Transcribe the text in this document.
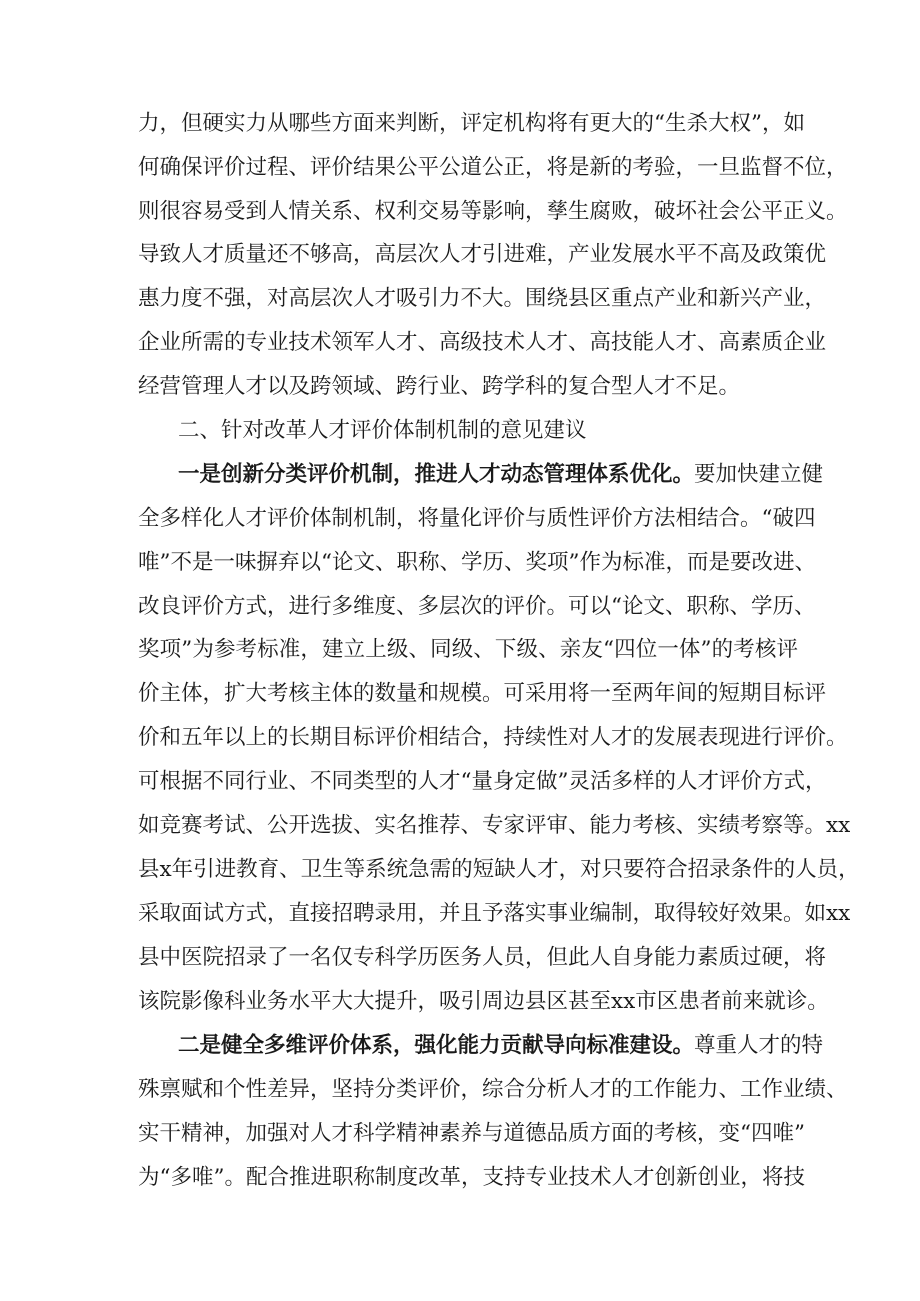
力，但硬实力从哪些方面来判断，评定机构将有更大的“生杀大权”，如
何确保评价过程、评价结果公平公道公正，将是新的考验，一旦监督不位，
则很容易受到人情关系、权利交易等影响，孳生腐败，破坏社会公平正义。
导致人才质量还不够高，高层次人才引进难，产业发展水平不高及政策优
惠力度不强，对高层次人才吸引力不大。围绕县区重点产业和新兴产业，
企业所需的专业技术领军人才、高级技术人才、高技能人才、高素质企业
经营管理人才以及跨领域、跨行业、跨学科的复合型人才不足。
二、针对改革人才评价体制机制的意见建议
一是创新分类评价机制，推进人才动态管理体系优化。要加快建立健
全多样化人才评价体制机制，将量化评价与质性评价方法相结合。“破四
唯”不是一味摒弃以“论文、职称、学历、奖项”作为标准，而是要改进、
改良评价方式，进行多维度、多层次的评价。可以“论文、职称、学历、
奖项”为参考标准，建立上级、同级、下级、亲友“四位一体”的考核评
价主体，扩大考核主体的数量和规模。可采用将一至两年间的短期目标评
价和五年以上的长期目标评价相结合，持续性对人才的发展表现进行评价。
可根据不同行业、不同类型的人才“量身定做”灵活多样的人才评价方式，
如竞赛考试、公开选拔、实名推荐、专家评审、能力考核、实绩考察等。xx
县x年引进教育、卫生等系统急需的短缺人才，对只要符合招录条件的人员，
采取面试方式，直接招聘录用，并且予落实事业编制，取得较好效果。如xx
县中医院招录了一名仅专科学历医务人员，但此人自身能力素质过硬，将
该院影像科业务水平大大提升，吸引周边县区甚至xx市区患者前来就诊。
二是健全多维评价体系，强化能力贡献导向标准建设。尊重人才的特
殊禀赋和个性差异，坚持分类评价，综合分析人才的工作能力、工作业绩、
实干精神，加强对人才科学精神素养与道德品质方面的考核，变“四唯”
为“多唯”。配合推进职称制度改革，支持专业技术人才创新创业，将技
